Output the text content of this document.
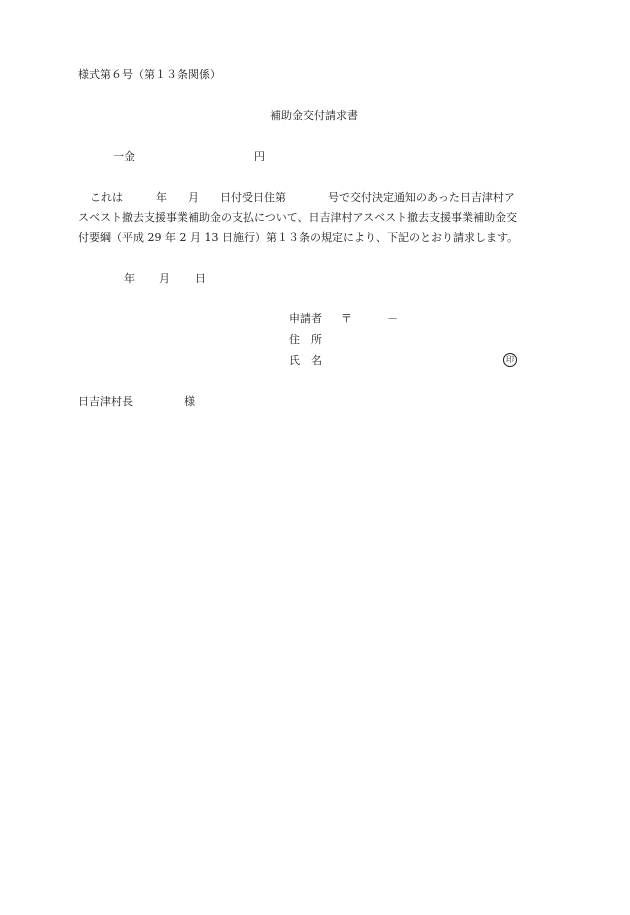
様式第６号（第１３条関係）
補助金交付請求書
一金	円
これは	年 月 日付受日住第	号で交付決定通知のあった日吉津村ア
スベスト撤去支援事業補助金の支払について、日吉津村アスベスト撤去支援事業補助金交
付要綱（平成 29 年 2 月 13 日施行）第１３条の規定により、下記のとおり請求します。
年 月 日
申請者 〒	－
住　所
氏　名	印
日吉津村長	様
